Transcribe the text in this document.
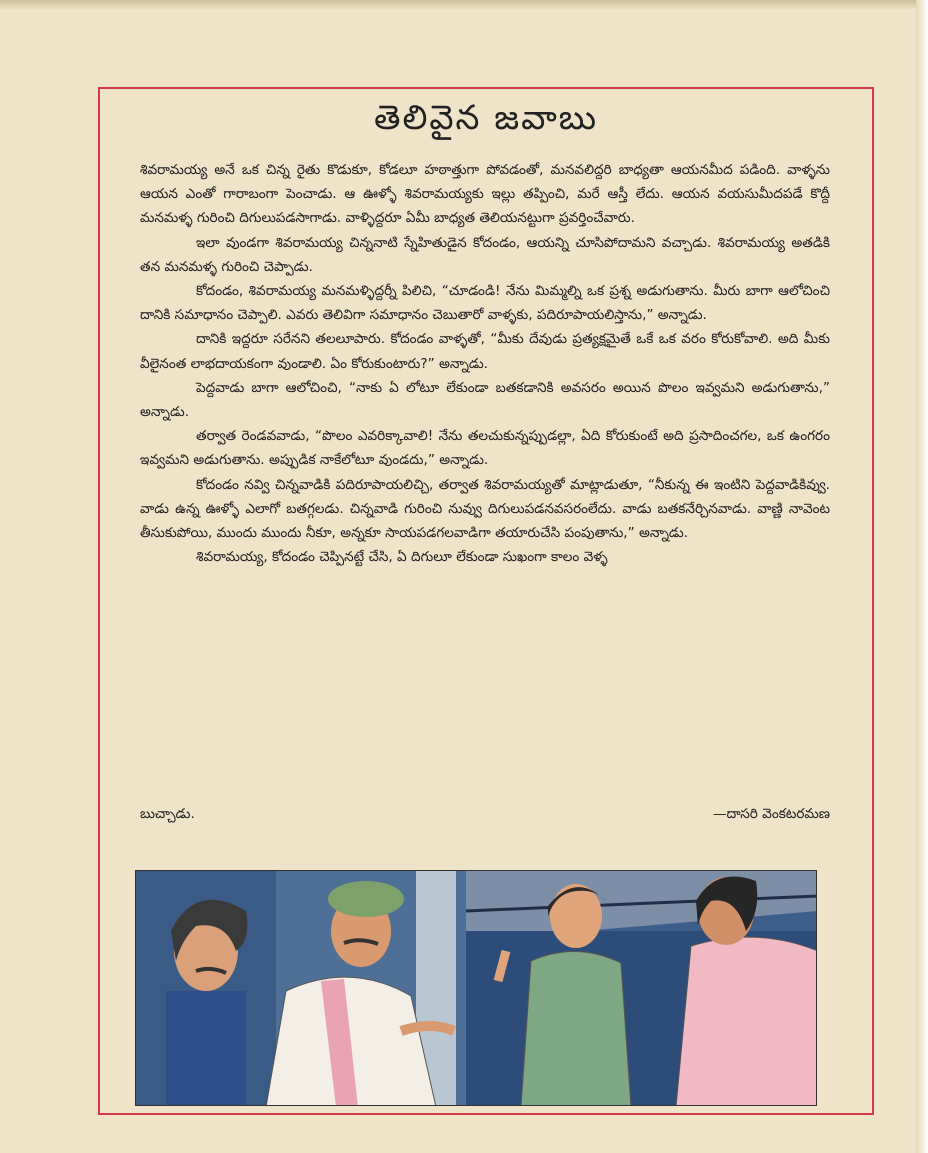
తెలివైన జవాబు

శివరామయ్య అనే ఒక చిన్న రైతు కొడుకూ, కోడలూ హఠాత్తుగా పోవడంతో, మనవలిద్దరి బాధ్యతా ఆయనమీద పడింది. వాళ్ళను ఆయన ఎంతో గారాబంగా పెంచాడు. ఆ ఊళ్ళో శివరామయ్యకు ఇల్లు తప్పించి, మరే ఆస్తీ లేదు. ఆయన వయసుమీదపడే కొద్దీ మనమళ్ళ గురించి దిగులుపడసాగాడు. వాళ్ళిద్దరూ ఏమీ బాధ్యత తెలియనట్టుగా ప్రవర్తించేవారు.

ఇలా వుండగా శివరామయ్య చిన్ననాటి స్నేహితుడైన కోదండం, ఆయన్ని చూసిపోదామని వచ్చాడు. శివరామయ్య అతడికి తన మనమళ్ళ గురించి చెప్పాడు.

కోదండం, శివరామయ్య మనమళ్ళిద్దర్నీ పిలిచి, “చూడండి! నేను మిమ్మల్ని ఒక ప్రశ్న అడుగుతాను. మీరు బాగా ఆలోచించి దానికి సమాధానం చెప్పాలి. ఎవరు తెలివిగా సమాధానం చెబుతారో వాళ్ళకు, పదిరూపాయలిస్తాను,” అన్నాడు.

దానికి ఇద్దరూ సరేనని తలలూపారు. కోదండం వాళ్ళతో, “మీకు దేవుడు ప్రత్యక్షమైతే ఒకే ఒక వరం కోరుకోవాలి. అది మీకు వీలైనంత లాభదాయకంగా వుండాలి. ఏం కోరుకుంటారు?” అన్నాడు.

పెద్దవాడు బాగా ఆలోచించి, “నాకు ఏ లోటూ లేకుండా బతకడానికి అవసరం అయిన పొలం ఇవ్వమని అడుగుతాను,” అన్నాడు.

తర్వాత రెండవవాడు, “పొలం ఎవరిక్కావాలి! నేను తలచుకున్నప్పుడల్లా, ఏది కోరుకుంటే అది ప్రసాదించగల, ఒక ఉంగరం ఇవ్వమని అడుగుతాను. అప్పుడిక నాకేలోటూ వుండదు,” అన్నాడు.

కోదండం నవ్వి చిన్నవాడికి పదిరూపాయలిచ్చి, తర్వాత శివరామయ్యతో మాట్లాడుతూ, “నీకున్న ఈ ఇంటిని పెద్దవాడికివ్వు. వాడు ఉన్న ఊళ్ళో ఎలాగో బతగ్గలడు. చిన్నవాడి గురించి నువ్వు దిగులుపడనవసరంలేదు. వాడు బతకనేర్చినవాడు. వాణ్ణి నావెంట తీసుకుపోయి, ముందు ముందు నీకూ, అన్నకూ సాయపడగలవాడిగా తయారుచేసి పంపుతాను,” అన్నాడు.

శివరామయ్య, కోదండం చెప్పినట్టే చేసి, ఏ దిగులూ లేకుండా సుఖంగా కాలం వెళ్ళ

బుచ్చాడు.	—దాసరి వెంకటరమణ
